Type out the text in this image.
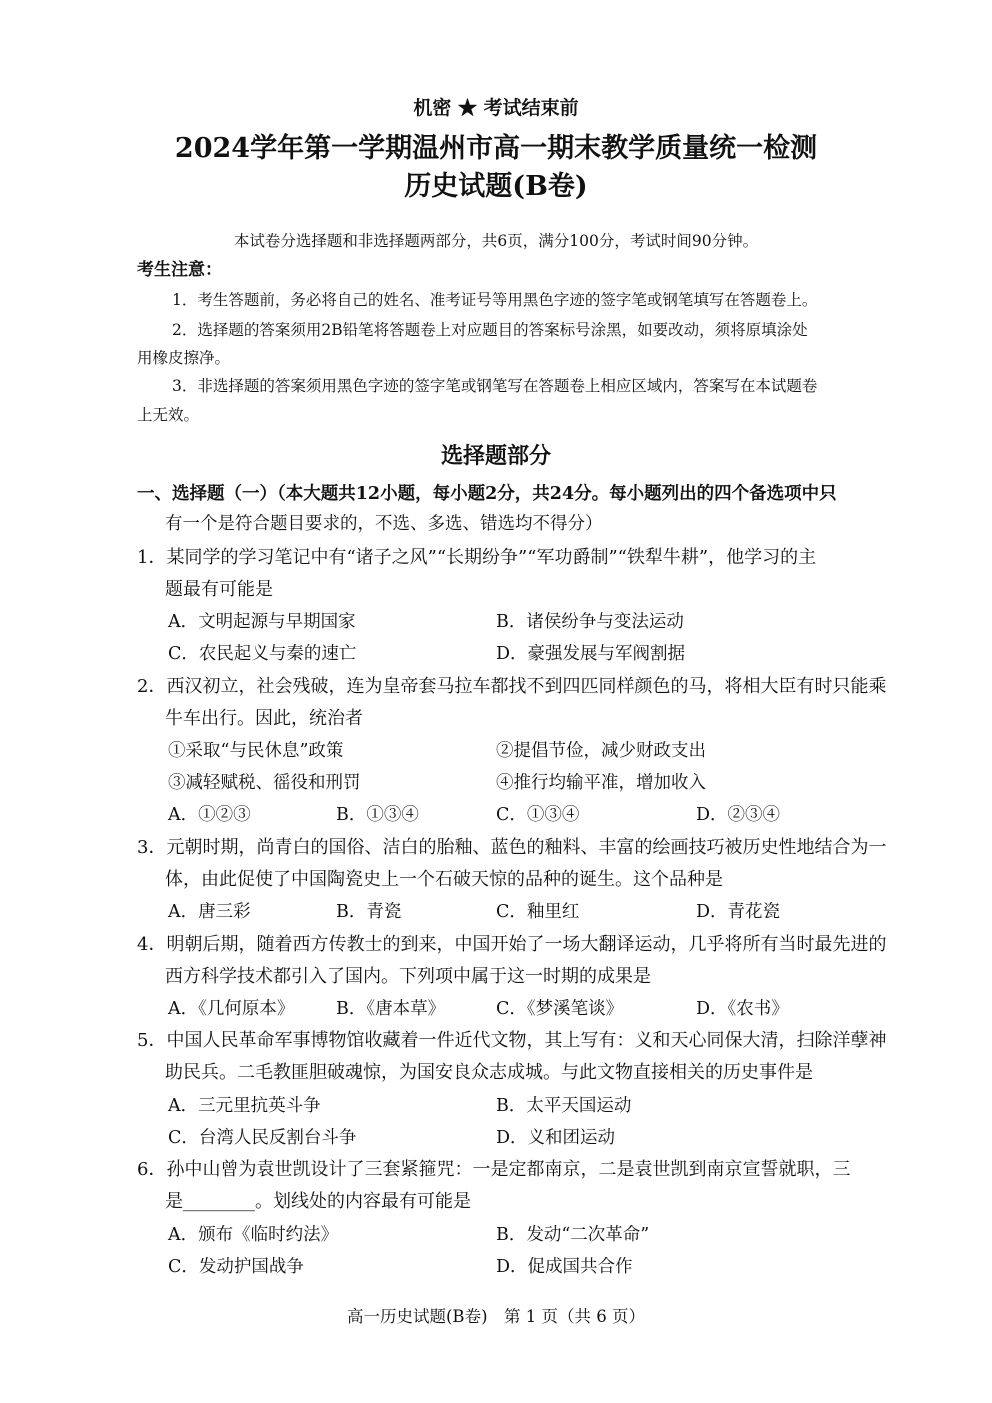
机密 ★ 考试结束前
2024学年第一学期温州市高一期末教学质量统一检测
历史试题(B卷)
本试卷分选择题和非选择题两部分，共6页，满分100分，考试时间90分钟。
考生注意：
1．考生答题前，务必将自己的姓名、准考证号等用黑色字迹的签字笔或钢笔填写在答题卷上。
2．选择题的答案须用2B铅笔将答题卷上对应题目的答案标号涂黑，如要改动，须将原填涂处
用橡皮擦净。
3．非选择题的答案须用黑色字迹的签字笔或钢笔写在答题卷上相应区域内，答案写在本试题卷
上无效。
选择题部分
一、选择题（一）（本大题共12小题，每小题2分，共24分。每小题列出的四个备选项中只
有一个是符合题目要求的，不选、多选、错选均不得分）
1．某同学的学习笔记中有“诸子之风”“长期纷争”“军功爵制”“铁犁牛耕”，他学习的主
题最有可能是
A．文明起源与早期国家	B．诸侯纷争与变法运动
C．农民起义与秦的速亡	D．豪强发展与军阀割据
2．西汉初立，社会残破，连为皇帝套马拉车都找不到四匹同样颜色的马，将相大臣有时只能乘
牛车出行。因此，统治者
①采取“与民休息”政策	②提倡节俭，减少财政支出
③减轻赋税、徭役和刑罚	④推行均输平准，增加收入
A．①②③	B．①③④	C．①③④	D．②③④
3．元朝时期，尚青白的国俗、洁白的胎釉、蓝色的釉料、丰富的绘画技巧被历史性地结合为一
体，由此促使了中国陶瓷史上一个石破天惊的品种的诞生。这个品种是
A．唐三彩	B．青瓷	C．釉里红	D．青花瓷
4．明朝后期，随着西方传教士的到来，中国开始了一场大翻译运动，几乎将所有当时最先进的
西方科学技术都引入了国内。下列项中属于这一时期的成果是
A．《几何原本》 B．《唐本草》	C．《梦溪笔谈》	D．《农书》
5．中国人民革命军事博物馆收藏着一件近代文物，其上写有：义和天心同保大清，扫除洋孽神
助民兵。二毛教匪胆破魂惊，为国安良众志成城。与此文物直接相关的历史事件是
A．三元里抗英斗争	B．太平天国运动
C．台湾人民反割台斗争	D．义和团运动
6．孙中山曾为袁世凯设计了三套紧箍咒：一是定都南京，二是袁世凯到南京宣誓就职，三
是________。划线处的内容最有可能是
A．颁布《临时约法》	B．发动“二次革命”
C．发动护国战争	D．促成国共合作
高一历史试题(B卷)　第 1 页（共 6 页）
